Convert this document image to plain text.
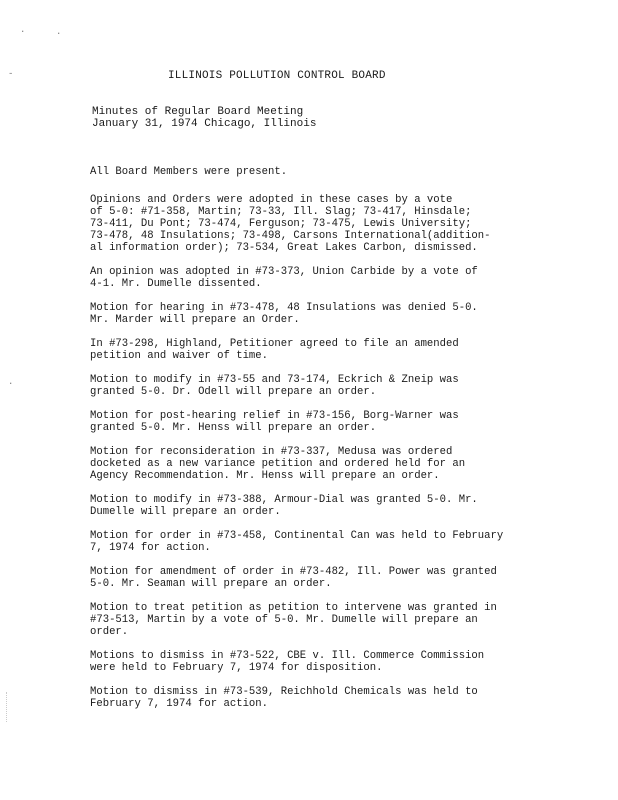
·	·
-
·
ILLINOIS POLLUTION CONTROL BOARD
Minutes of Regular Board Meeting
January 31, 1974 Chicago, Illinois

All Board Members were present.

Opinions and Orders were adopted in these cases by a vote
of 5-0: #71-358, Martin; 73-33, Ill. Slag; 73-417, Hinsdale;
73-411, Du Pont; 73-474, Ferguson; 73-475, Lewis University;
73-478, 48 Insulations; 73-498, Carsons International(addition-
al information order); 73-534, Great Lakes Carbon, dismissed.

An opinion was adopted in #73-373, Union Carbide by a vote of
4-1. Mr. Dumelle dissented.

Motion for hearing in #73-478, 48 Insulations was denied 5-0.
Mr. Marder will prepare an Order.

In #73-298, Highland, Petitioner agreed to file an amended
petition and waiver of time.

Motion to modify in #73-55 and 73-174, Eckrich & Zneip was
granted 5-0. Dr. Odell will prepare an order.

Motion for post-hearing relief in #73-156, Borg-Warner was
granted 5-0. Mr. Henss will prepare an order.

Motion for reconsideration in #73-337, Medusa was ordered
docketed as a new variance petition and ordered held for an
Agency Recommendation. Mr. Henss will prepare an order.

Motion to modify in #73-388, Armour-Dial was granted 5-0. Mr.
Dumelle will prepare an order.

Motion for order in #73-458, Continental Can was held to February
7, 1974 for action.

Motion for amendment of order in #73-482, Ill. Power was granted
5-0. Mr. Seaman will prepare an order.

Motion to treat petition as petition to intervene was granted in
#73-513, Martin by a vote of 5-0. Mr. Dumelle will prepare an
order.

Motions to dismiss in #73-522, CBE v. Ill. Commerce Commission
were held to February 7, 1974 for disposition.

Motion to dismiss in #73-539, Reichhold Chemicals was held to
February 7, 1974 for action.
